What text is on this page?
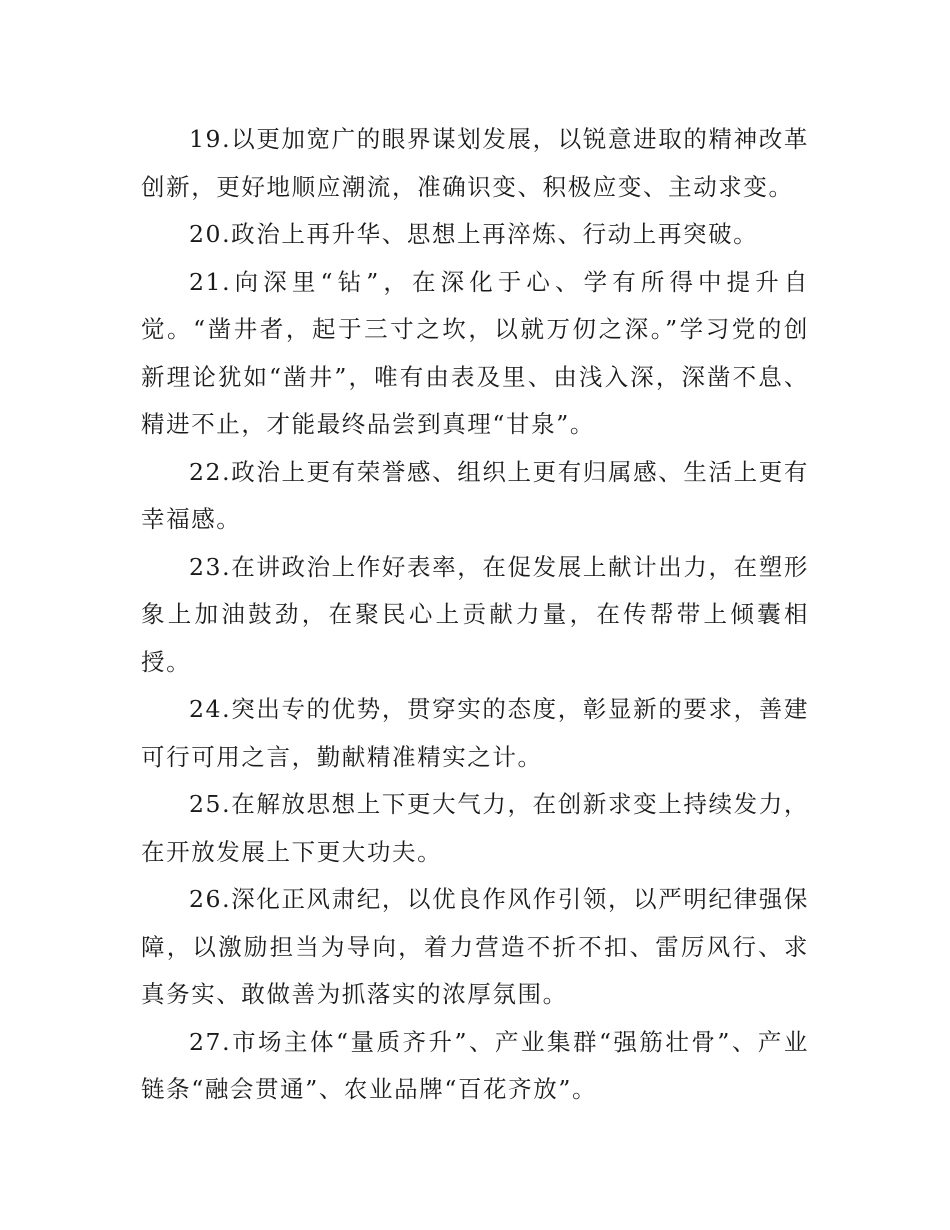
19.以更加宽广的眼界谋划发展，以锐意进取的精神改革创新，更好地顺应潮流，准确识变、积极应变、主动求变。

20.政治上再升华、思想上再淬炼、行动上再突破。

21.向深里“钻”，在深化于心、学有所得中提升自觉。“凿井者，起于三寸之坎，以就万仞之深。”学习党的创新理论犹如“凿井”，唯有由表及里、由浅入深，深凿不息、精进不止，才能最终品尝到真理“甘泉”。

22.政治上更有荣誉感、组织上更有归属感、生活上更有幸福感。

23.在讲政治上作好表率，在促发展上献计出力，在塑形象上加油鼓劲，在聚民心上贡献力量，在传帮带上倾囊相授。

24.突出专的优势，贯穿实的态度，彰显新的要求，善建可行可用之言，勤献精准精实之计。

25.在解放思想上下更大气力，在创新求变上持续发力，在开放发展上下更大功夫。

26.深化正风肃纪，以优良作风作引领，以严明纪律强保障，以激励担当为导向，着力营造不折不扣、雷厉风行、求真务实、敢做善为抓落实的浓厚氛围。

27.市场主体“量质齐升”、产业集群“强筋壮骨”、产业链条“融会贯通”、农业品牌“百花齐放”。
